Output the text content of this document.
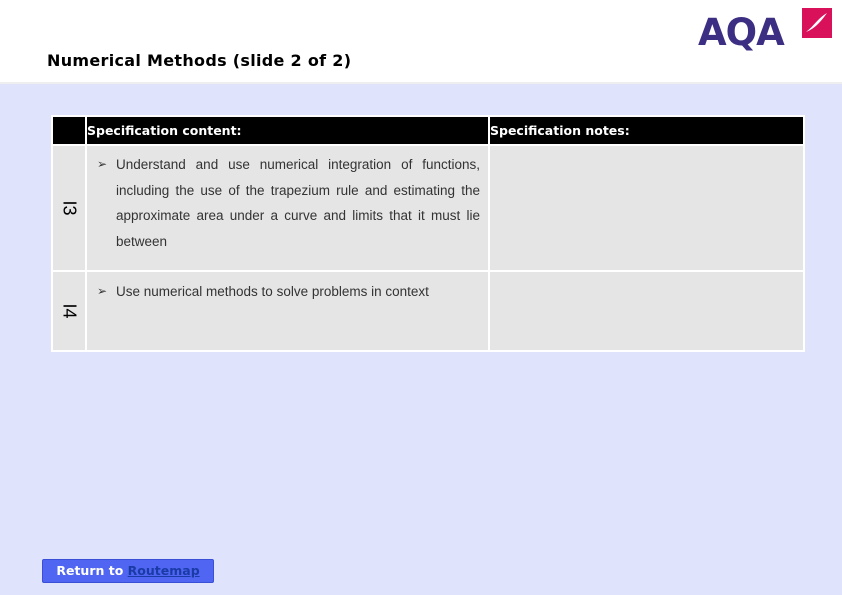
Numerical Methods (slide 2 of 2)
AQA
	Specification content:	Specification notes:

I3	➢ Understand and use numerical integration of functions, including the use of the trapezium rule and estimating the approximate area under a curve and limits that it must lie between	

I4	➢ Use numerical methods to solve problems in context	

Return to Routemap
